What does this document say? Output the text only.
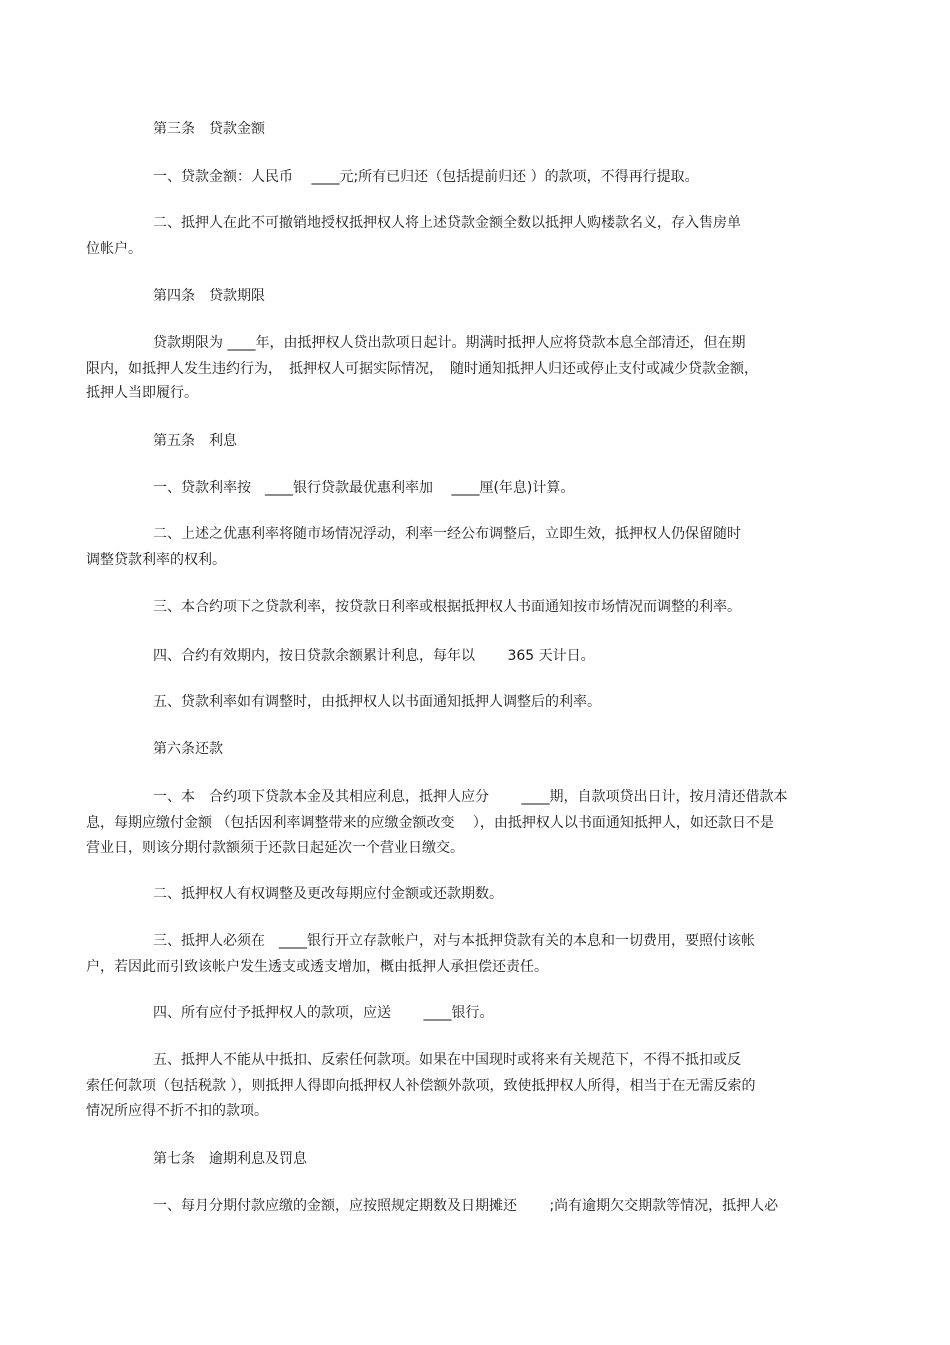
第三条　贷款金额

一、贷款金额：人民币　 ____元;所有已归还（包括提前归还 ）的款项，不得再行提取。

二、抵押人在此不可撤销地授权抵押权人将上述贷款金额全数以抵押人购楼款名义，存入售房单

位帐户。

第四条　贷款期限

贷款期限为 ____年，由抵押权人贷出款项日起计。期满时抵押人应将贷款本息全部清还，但在期

限内，如抵押人发生违约行为，　抵押权人可据实际情况，　随时通知抵押人归还或停止支付或减少贷款金额，

抵押人当即履行。

第五条　利息

一、贷款利率按　____银行贷款最优惠利率加　 ____厘(年息)计算。

二、上述之优惠利率将随市场情况浮动，利率一经公布调整后，立即生效，抵押权人仍保留随时

调整贷款利率的权利。

三、本合约项下之贷款利率，按贷款日利率或根据抵押权人书面通知按市场情况而调整的利率。

四、合约有效期内，按日贷款余额累计利息，每年以　　 365 天计日。

五、贷款利率如有调整时，由抵押权人以书面通知抵押人调整后的利率。

第六条还款

一、本　合约项下贷款本金及其相应利息，抵押人应分　　 ____期，自款项贷出日计，按月清还借款本

息，每期应缴付金额 （包括因利率调整带来的应缴金额改变　 ），由抵押权人以书面通知抵押人，如还款日不是

营业日，则该分期付款额须于还款日起延次一个营业日缴交。

二、抵押权人有权调整及更改每期应付金额或还款期数。

三、抵押人必须在　____银行开立存款帐户，对与本抵押贷款有关的本息和一切费用，要照付该帐

户，若因此而引致该帐户发生透支或透支增加，概由抵押人承担偿还责任。

四、所有应付予抵押权人的款项，应送　　 ____银行。

五、抵押人不能从中抵扣、反索任何款项。如果在中国现时或将来有关规范下，不得不抵扣或反

索任何款项（包括税款 ），则抵押人得即向抵押权人补偿额外款项，致使抵押权人所得，相当于在无需反索的

情况所应得不折不扣的款项。

第七条　逾期利息及罚息

一、每月分期付款应缴的金额，应按照规定期数及日期摊还　　 ;尚有逾期欠交期款等情况，抵押人必
